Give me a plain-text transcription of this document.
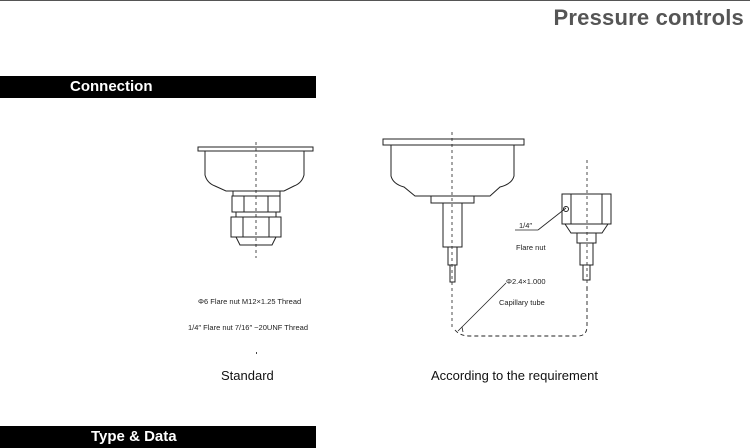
Pressure controls
Connection
Φ6 Flare nut M12×1.25 Thread
1/4″ Flare nut 7/16″ −20UNF Thread
1/4″
Flare nut
Φ2.4×1.000
Capillary tube
Standard	According to the requirement
Type & Data
